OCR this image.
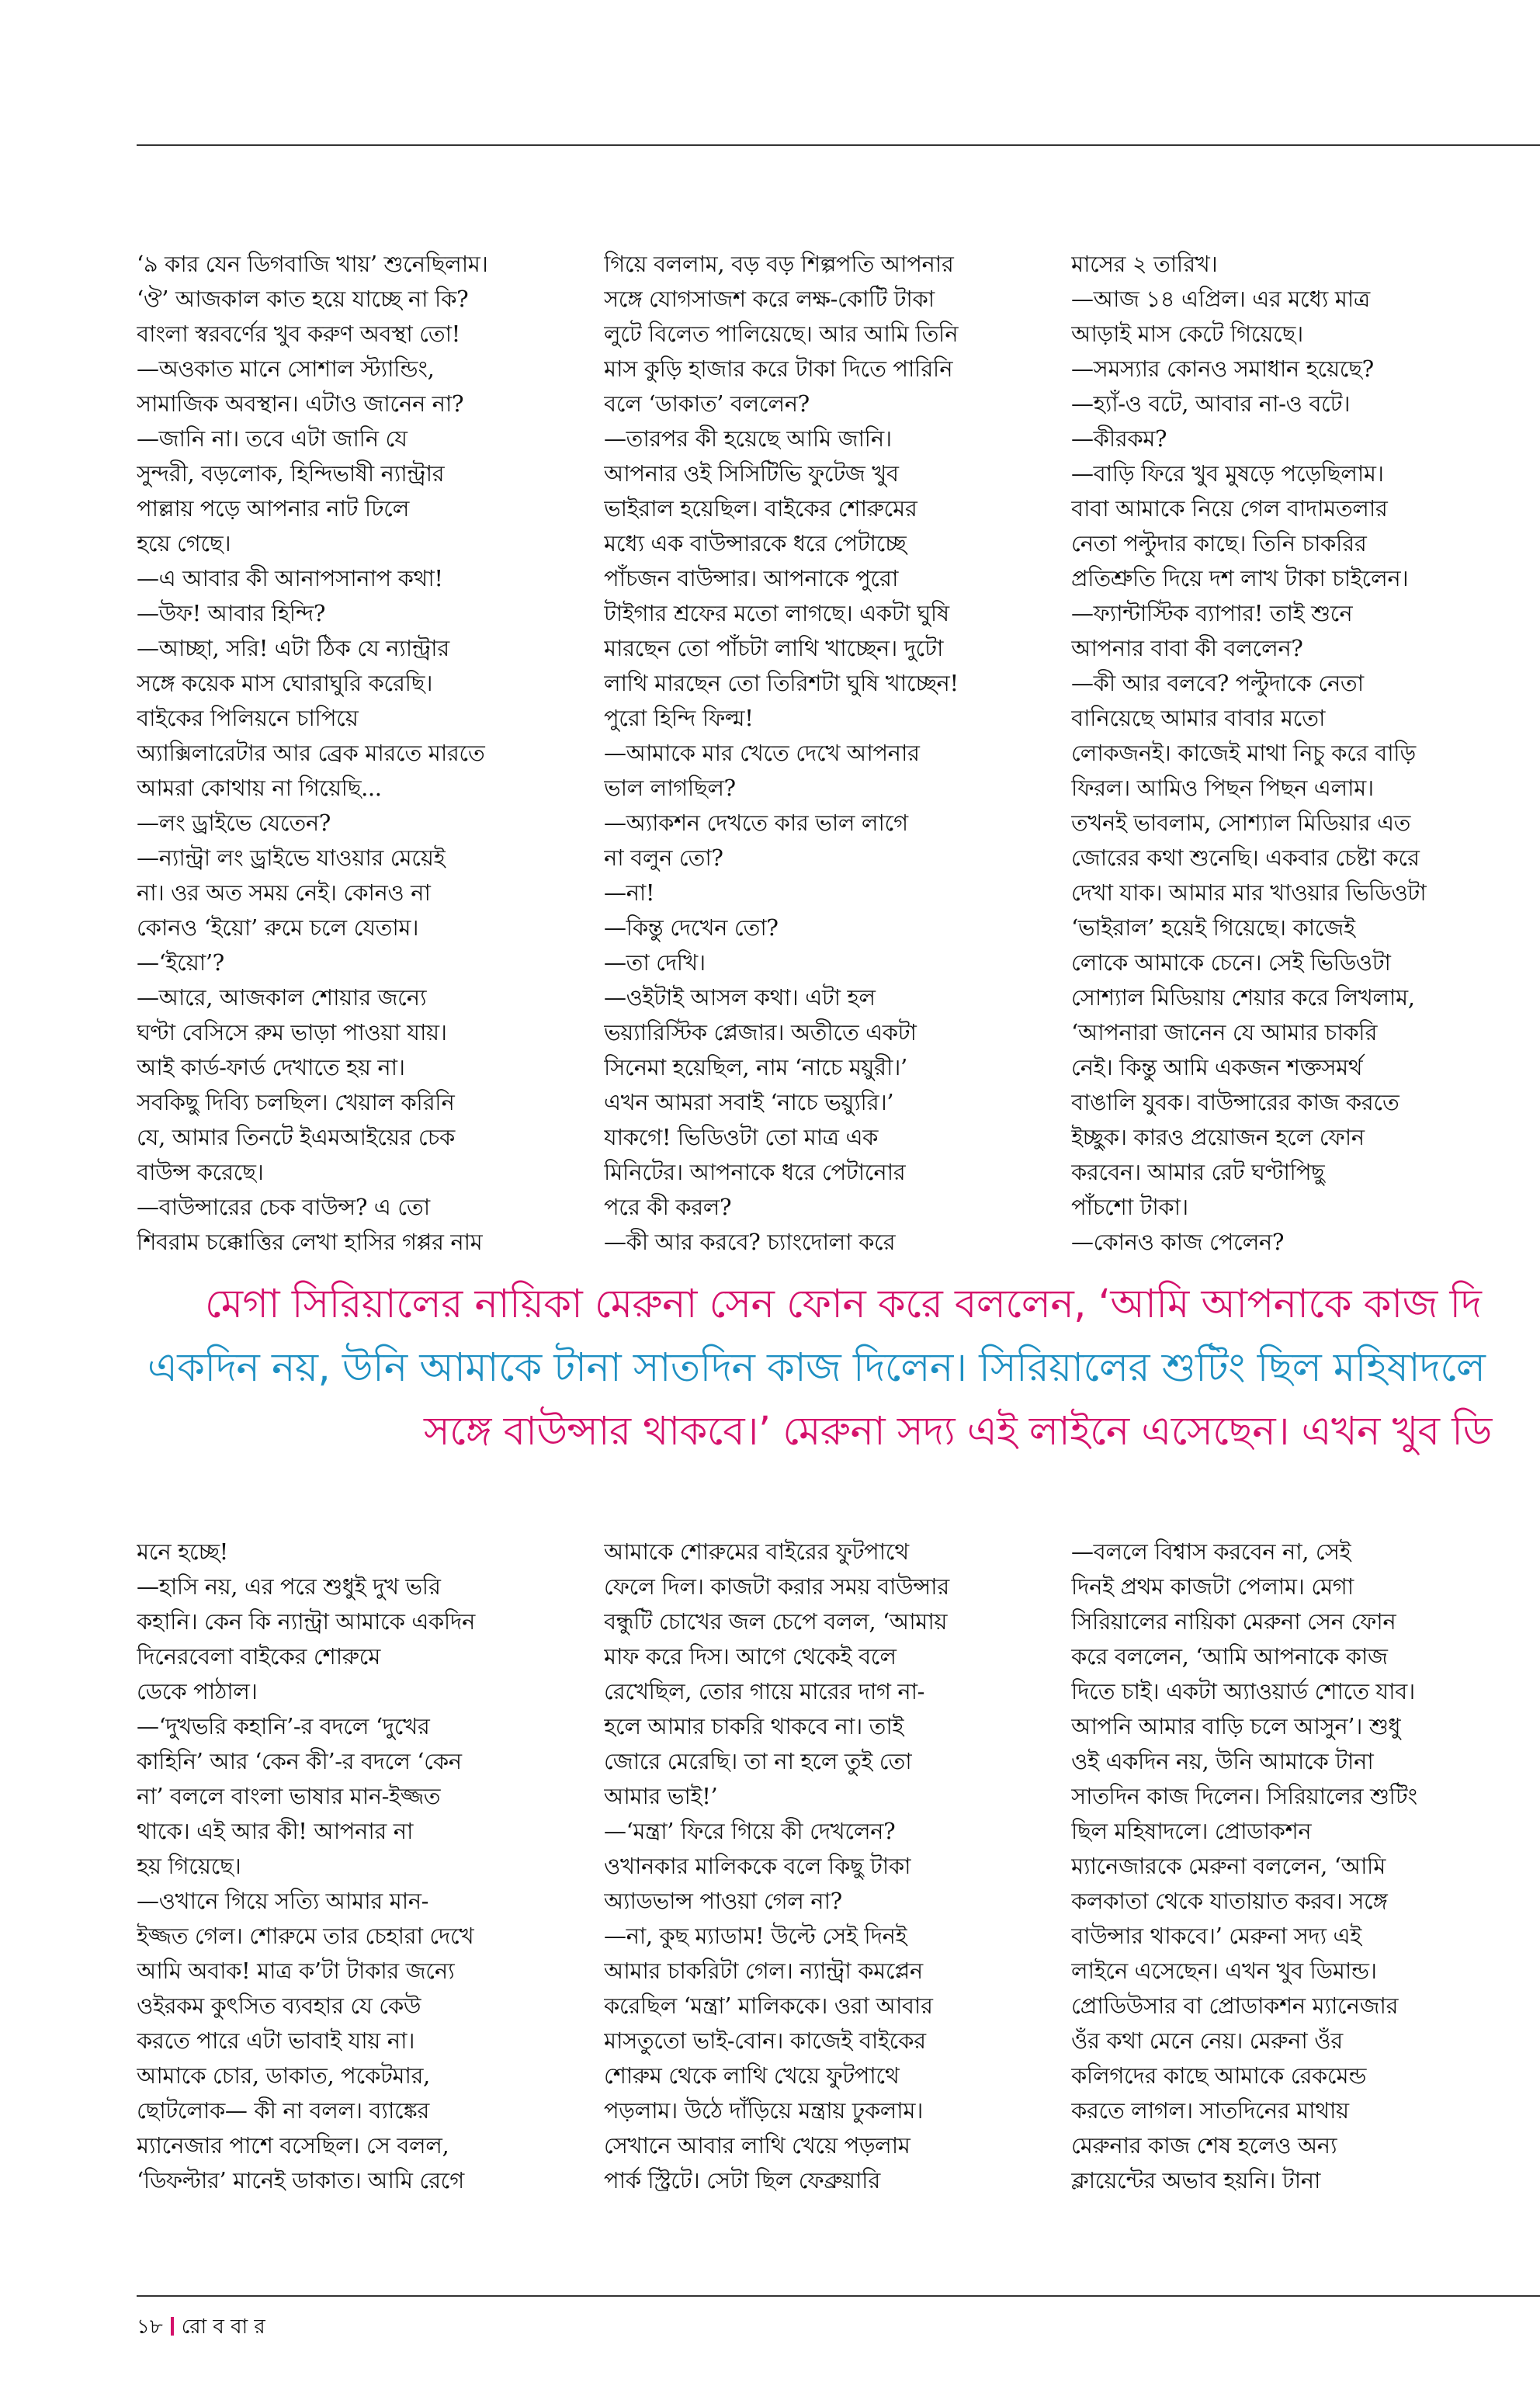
‘৯ কার যেন ডিগবাজি খায়’ শুনেছিলাম।
‘ঔ’ আজকাল কাত হয়ে যাচ্ছে না কি?
বাংলা স্বরবর্ণের খুব করুণ অবস্থা তো!
—অওকাত মানে সোশাল স্ট্যান্ডিং,
সামাজিক অবস্থান। এটাও জানেন না?
—জানি না। তবে এটা জানি যে
সুন্দরী, বড়লোক, হিন্দিভাষী ন্যান্ট্রার
পাল্লায় পড়ে আপনার নাট ঢিলে
হয়ে গেছে।
—এ আবার কী আনাপসানাপ কথা!
—উফ! আবার হিন্দি?
—আচ্ছা, সরি! এটা ঠিক যে ন্যান্ট্রার
সঙ্গে কয়েক মাস ঘোরাঘুরি করেছি।
বাইকের পিলিয়নে চাপিয়ে
অ্যাক্সিলারেটার আর ব্রেক মারতে মারতে
আমরা কোথায় না গিয়েছি...
—লং ড্রাইভে যেতেন?
—ন্যান্ট্রা লং ড্রাইভে যাওয়ার মেয়েই
না। ওর অত সময় নেই। কোনও না
কোনও ‘ইয়ো’ রুমে চলে যেতাম।
—‘ইয়ো’?
—আরে, আজকাল শোয়ার জন্যে
ঘণ্টা বেসিসে রুম ভাড়া পাওয়া যায়।
আই কার্ড-ফার্ড দেখাতে হয় না।
সবকিছু দিব্যি চলছিল। খেয়াল করিনি
যে, আমার তিনটে ইএমআইয়ের চেক
বাউন্স করেছে।
—বাউন্সারের চেক বাউন্স? এ তো
শিবরাম চক্কোত্তির লেখা হাসির গপ্পর নাম
গিয়ে বললাম, বড় বড় শিল্পপতি আপনার
সঙ্গে যোগসাজশ করে লক্ষ-কোটি টাকা
লুটে বিলেত পালিয়েছে। আর আমি তিনি
মাস কুড়ি হাজার করে টাকা দিতে পারিনি
বলে ‘ডাকাত’ বললেন?
—তারপর কী হয়েছে আমি জানি।
আপনার ওই সিসিটিভি ফুটেজ খুব
ভাইরাল হয়েছিল। বাইকের শোরুমের
মধ্যে এক বাউন্সারকে ধরে পেটাচ্ছে
পাঁচজন বাউন্সার। আপনাকে পুরো
টাইগার শ্রফের মতো লাগছে। একটা ঘুষি
মারছেন তো পাঁচটা লাথি খাচ্ছেন। দুটো
লাথি মারছেন তো তিরিশটা ঘুষি খাচ্ছেন!
পুরো হিন্দি ফিল্ম!
—আমাকে মার খেতে দেখে আপনার
ভাল লাগছিল?
—অ্যাকশন দেখতে কার ভাল লাগে
না বলুন তো?
—না!
—কিন্তু দেখেন তো?
—তা দেখি।
—ওইটাই আসল কথা। এটা হল
ভয়্যারিস্টিক প্লেজার। অতীতে একটা
সিনেমা হয়েছিল, নাম ‘নাচে ময়ুরী।’
এখন আমরা সবাই ‘নাচে ভয়্যুরি।’
যাকগে! ভিডিওটা তো মাত্র এক
মিনিটের। আপনাকে ধরে পেটানোর
পরে কী করল?
—কী আর করবে? চ্যাংদোলা করে
মাসের ২ তারিখ।
—আজ ১৪ এপ্রিল। এর মধ্যে মাত্র
আড়াই মাস কেটে গিয়েছে।
—সমস্যার কোনও সমাধান হয়েছে?
—হ্যাঁ-ও বটে, আবার না-ও বটে।
—কীরকম?
—বাড়ি ফিরে খুব মুষড়ে পড়েছিলাম।
বাবা আমাকে নিয়ে গেল বাদামতলার
নেতা পল্টুদার কাছে। তিনি চাকরির
প্রতিশ্রুতি দিয়ে দশ লাখ টাকা চাইলেন।
—ফ্যান্টাস্টিক ব্যাপার! তাই শুনে
আপনার বাবা কী বললেন?
—কী আর বলবে? পল্টুদাকে নেতা
বানিয়েছে আমার বাবার মতো
লোকজনই। কাজেই মাথা নিচু করে বাড়ি
ফিরল। আমিও পিছন পিছন এলাম।
তখনই ভাবলাম, সোশ্যাল মিডিয়ার এত
জোরের কথা শুনেছি। একবার চেষ্টা করে
দেখা যাক। আমার মার খাওয়ার ভিডিওটা
‘ভাইরাল’ হয়েই গিয়েছে। কাজেই
লোকে আমাকে চেনে। সেই ভিডিওটা
সোশ্যাল মিডিয়ায় শেয়ার করে লিখলাম,
‘আপনারা জানেন যে আমার চাকরি
নেই। কিন্তু আমি একজন শক্তসমর্থ
বাঙালি যুবক। বাউন্সারের কাজ করতে
ইচ্ছুক। কারও প্রয়োজন হলে ফোন
করবেন। আমার রেট ঘণ্টাপিছু
পাঁচশো টাকা।
—কোনও কাজ পেলেন?
মেগা সিরিয়ালের নায়িকা মেরুনা সেন ফোন করে বললেন, ‘আমি আপনাকে কাজ দি
একদিন নয়, উনি আমাকে টানা সাতদিন কাজ দিলেন। সিরিয়ালের শুটিং ছিল মহিষাদলে
সঙ্গে বাউন্সার থাকবে।’ মেরুনা সদ্য এই লাইনে এসেছেন। এখন খুব ডি
মনে হচ্ছে!
—হাসি নয়, এর পরে শুধুই দুখ ভরি
কহানি। কেন কি ন্যান্ট্রা আমাকে একদিন
দিনেরবেলা বাইকের শোরুমে
ডেকে পাঠাল।
—‘দুখভরি কহানি’-র বদলে ‘দুখের
কাহিনি’ আর ‘কেন কী’-র বদলে ‘কেন
না’ বললে বাংলা ভাষার মান-ইজ্জত
থাকে। এই আর কী! আপনার না
হয় গিয়েছে।
—ওখানে গিয়ে সত্যি আমার মান-
ইজ্জত গেল। শোরুমে তার চেহারা দেখে
আমি অবাক! মাত্র ক’টা টাকার জন্যে
ওইরকম কুৎসিত ব্যবহার যে কেউ
করতে পারে এটা ভাবাই যায় না।
আমাকে চোর, ডাকাত, পকেটমার,
ছোটলোক— কী না বলল। ব্যাঙ্কের
ম্যানেজার পাশে বসেছিল। সে বলল,
‘ডিফল্টার’ মানেই ডাকাত। আমি রেগে
আমাকে শোরুমের বাইরের ফুটপাথে
ফেলে দিল। কাজটা করার সময় বাউন্সার
বন্ধুটি চোখের জল চেপে বলল, ‘আমায়
মাফ করে দিস। আগে থেকেই বলে
রেখেছিল, তোর গায়ে মারের দাগ না-
হলে আমার চাকরি থাকবে না। তাই
জোরে মেরেছি। তা না হলে তুই তো
আমার ভাই!’
—‘মন্ত্রা’ ফিরে গিয়ে কী দেখলেন?
ওখানকার মালিককে বলে কিছু টাকা
অ্যাডভান্স পাওয়া গেল না?
—না, কুছ ম্যাডাম! উল্টে সেই দিনই
আমার চাকরিটা গেল। ন্যান্ট্রা কমপ্লেন
করেছিল ‘মন্ত্রা’ মালিককে। ওরা আবার
মাসতুতো ভাই-বোন। কাজেই বাইকের
শোরুম থেকে লাথি খেয়ে ফুটপাথে
পড়লাম। উঠে দাঁড়িয়ে মন্ত্রায় ঢুকলাম।
সেখানে আবার লাথি খেয়ে পড়লাম
পার্ক স্ট্রিটে। সেটা ছিল ফেব্রুয়ারি
—বললে বিশ্বাস করবেন না, সেই
দিনই প্রথম কাজটা পেলাম। মেগা
সিরিয়ালের নায়িকা মেরুনা সেন ফোন
করে বললেন, ‘আমি আপনাকে কাজ
দিতে চাই। একটা অ্যাওয়ার্ড শোতে যাব।
আপনি আমার বাড়ি চলে আসুন’। শুধু
ওই একদিন নয়, উনি আমাকে টানা
সাতদিন কাজ দিলেন। সিরিয়ালের শুটিং
ছিল মহিষাদলে। প্রোডাকশন
ম্যানেজারকে মেরুনা বললেন, ‘আমি
কলকাতা থেকে যাতায়াত করব। সঙ্গে
বাউন্সার থাকবে।’ মেরুনা সদ্য এই
লাইনে এসেছেন। এখন খুব ডিমান্ড।
প্রোডিউসার বা প্রোডাকশন ম্যানেজার
ওঁর কথা মেনে নেয়। মেরুনা ওঁর
কলিগদের কাছে আমাকে রেকমেন্ড
করতে লাগল। সাতদিনের মাথায়
মেরুনার কাজ শেষ হলেও অন্য
ক্লায়েন্টের অভাব হয়নি। টানা
১৮ রো ব বা র
